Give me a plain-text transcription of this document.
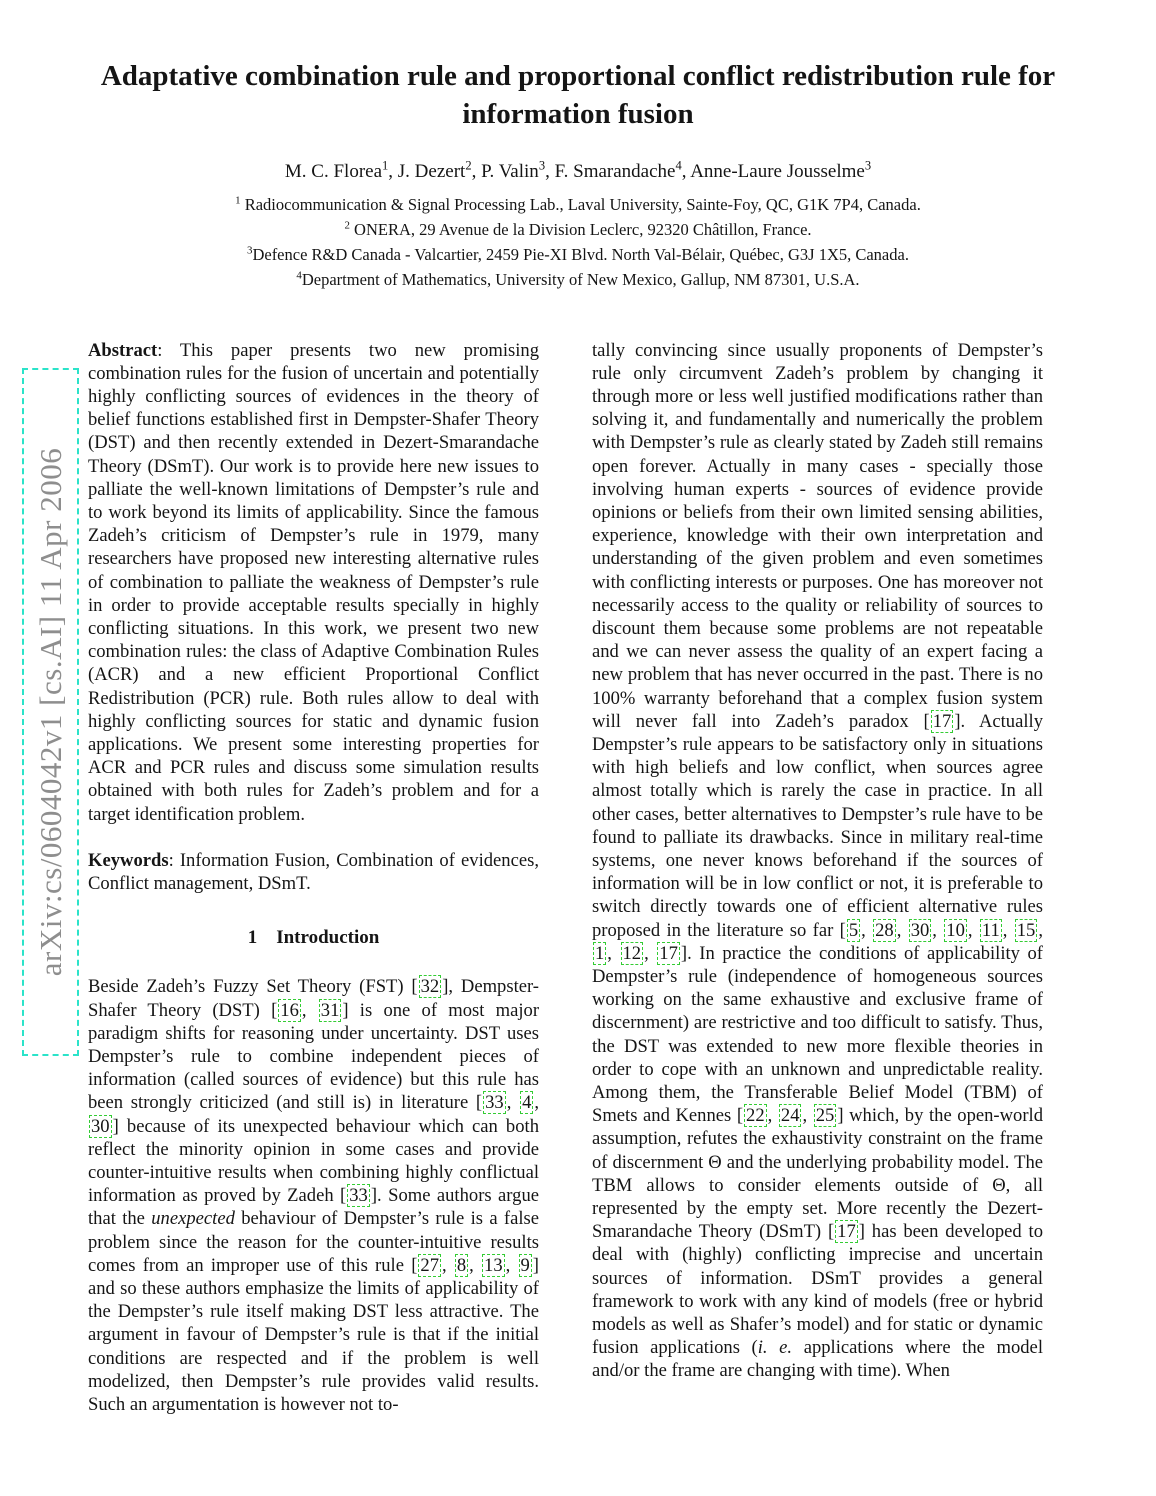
arXiv:cs/0604042v1 [cs.AI] 11 Apr 2006
Adaptative combination rule and proportional conflict redistribution rule for information fusion
M. C. Florea$^1$, J. Dezert$^2$, P. Valin$^3$, F. Smarandache$^4$, Anne-Laure Jousselme$^3$
$^1$ Radiocommunication & Signal Processing Lab., Laval University, Sainte-Foy, QC, G1K 7P4, Canada.
$^2$ ONERA, 29 Avenue de la Division Leclerc, 92320 Châtillon, France.
$^3$Defence R&D Canada - Valcartier, 2459 Pie-XI Blvd. North Val-Bélair, Québec, G3J 1X5, Canada.
$^4$Department of Mathematics, University of New Mexico, Gallup, NM 87301, U.S.A.

Abstract: This paper presents two new promising combination rules for the fusion of uncertain and potentially highly conflicting sources of evidences in the theory of belief functions established first in Dempster-Shafer Theory (DST) and then recently extended in Dezert-Smarandache Theory (DSmT). Our work is to provide here new issues to palliate the well-known limitations of Dempster’s rule and to work beyond its limits of applicability. Since the famous Zadeh’s criticism of Dempster’s rule in 1979, many researchers have proposed new interesting alternative rules of combination to palliate the weakness of Dempster’s rule in order to provide acceptable results specially in highly conflicting situations. In this work, we present two new combination rules: the class of Adaptive Combination Rules (ACR) and a new efficient Proportional Conflict Redistribution (PCR) rule. Both rules allow to deal with highly conflicting sources for static and dynamic fusion applications. We present some interesting properties for ACR and PCR rules and discuss some simulation results obtained with both rules for Zadeh’s problem and for a target identification problem.

Keywords: Information Fusion, Combination of evidences, Conflict management, DSmT.

1 Introduction

Beside Zadeh’s Fuzzy Set Theory (FST) [ 32 ], Dempster-Shafer Theory (DST) [ 16 , 31 ] is one of most major paradigm shifts for reasoning under uncertainty. DST uses Dempster’s rule to combine independent pieces of information (called sources of evidence) but this rule has been strongly criticized (and still is) in literature [ 33 , 4 , 30 ] because of its unexpected behaviour which can both reflect the minority opinion in some cases and provide counter-intuitive results when combining highly conflictual information as proved by Zadeh [ 33 ]. Some authors argue that the unexpected behaviour of Dempster’s rule is a false problem since the reason for the counter-intuitive results comes from an improper use of this rule [ 27 , 8 , 13 , 9 ] and so these authors emphasize the limits of applicability of the Dempster’s rule itself making DST less attractive. The argument in favour of Dempster’s rule is that if the initial conditions are respected and if the problem is well modelized, then Dempster’s rule provides valid results. Such an argumentation is however not to-

tally convincing since usually proponents of Dempster’s rule only circumvent Zadeh’s problem by changing it through more or less well justified modifications rather than solving it, and fundamentally and numerically the problem with Dempster’s rule as clearly stated by Zadeh still remains open forever. Actually in many cases - specially those involving human experts - sources of evidence provide opinions or beliefs from their own limited sensing abilities, experience, knowledge with their own interpretation and understanding of the given problem and even sometimes with conflicting interests or purposes. One has moreover not necessarily access to the quality or reliability of sources to discount them because some problems are not repeatable and we can never assess the quality of an expert facing a new problem that has never occurred in the past. There is no 100% warranty beforehand that a complex fusion system will never fall into Zadeh’s paradox [ 17 ]. Actually Dempster’s rule appears to be satisfactory only in situations with high beliefs and low conflict, when sources agree almost totally which is rarely the case in practice. In all other cases, better alternatives to Dempster’s rule have to be found to palliate its drawbacks. Since in military real-time systems, one never knows beforehand if the sources of information will be in low conflict or not, it is preferable to switch directly towards one of efficient alternative rules proposed in the literature so far [ 5 , 28 , 30 , 10 , 11 , 15 , 1 , 12 , 17 ]. In practice the conditions of applicability of Dempster’s rule (independence of homogeneous sources working on the same exhaustive and exclusive frame of discernment) are restrictive and too difficult to satisfy. Thus, the DST was extended to new more flexible theories in order to cope with an unknown and unpredictable reality. Among them, the Transferable Belief Model (TBM) of Smets and Kennes [ 22 , 24 , 25 ] which, by the open-world assumption, refutes the exhaustivity constraint on the frame of discernment Θ and the underlying probability model. The TBM allows to consider elements outside of Θ, all represented by the empty set. More recently the Dezert-Smarandache Theory (DSmT) [ 17 ] has been developed to deal with (highly) conflicting imprecise and uncertain sources of information. DSmT provides a general framework to work with any kind of models (free or hybrid models as well as Shafer’s model) and for static or dynamic fusion applications (i. e. applications where the model and/or the frame are changing with time). When
